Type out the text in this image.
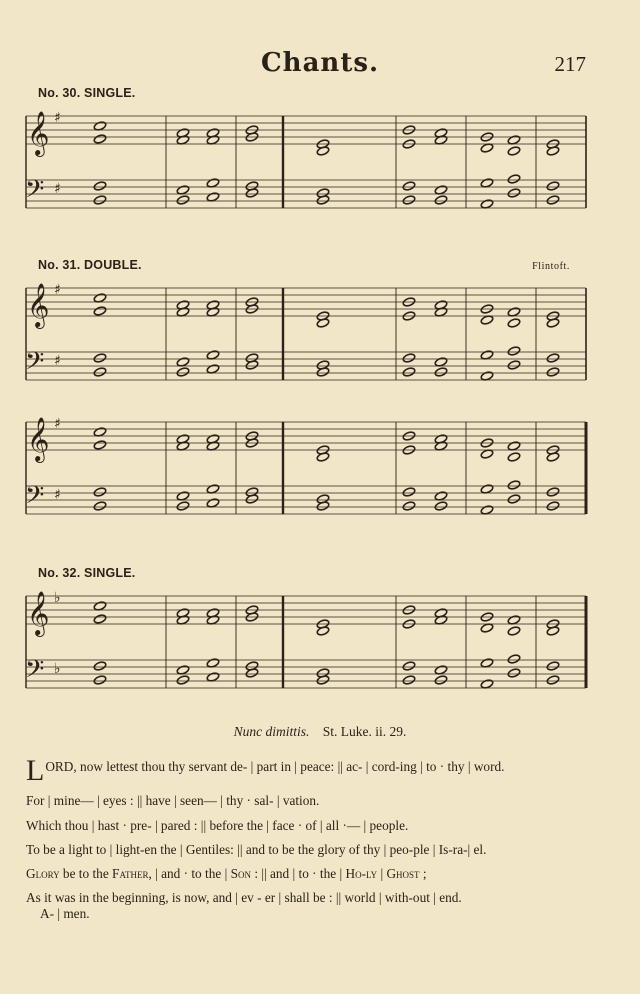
Chants.	217
No. 30. SINGLE.
𝄞 ♯
𝄢 ♯
No. 31. DOUBLE.	Flintoft.
𝄞 ♯
𝄢 ♯
𝄞 ♯
𝄢 ♯
No. 32. SINGLE.
𝄞 ♭
𝄢 ♭
Nunc dimittis. St. Luke. ii. 29.
L ORD, now lettest thou thy servant de- | part in | peace: || ac- | cord-ing | to · thy | word.
For | mine— | eyes : || have | seen— | thy · sal- | vation.
Which thou | hast · pre- | pared : || before the | face · of | all ·— | people.
To be a light to | light-en the | Gentiles: || and to be the glory of thy | peo-ple | Is-ra-| el.
Glory be to the Father, | and · to the | Son : || and | to · the | Ho-ly | Ghost ;
As it was in the beginning, is now, and | ev - er | shall be : || world | with-out | end.
A- | men.
